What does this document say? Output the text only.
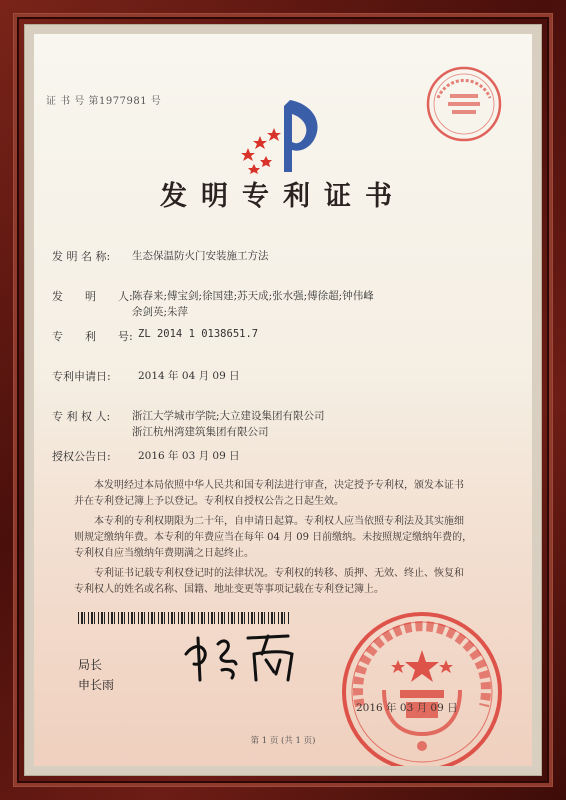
证 书 号 第1977981 号
发明专利证书
发 明 名 称: 生态保温防火门安装施工方法
发　　明　　人: 陈春来;傅宝剑;徐国建;苏天成;张水强;傅徐超;钟伟峰
余剑英;朱萍
专　　利　　号: ZL 2014 1 0138651.7
专利申请日:	2014 年 04 月 09 日
专 利 权 人: 浙江大学城市学院;大立建设集团有限公司
浙江杭州湾建筑集团有限公司
授权公告日:	2016 年 03 月 09 日
本发明经过本局依照中华人民共和国专利法进行审查，决定授予专利权，颁发本证书
并在专利登记簿上予以登记。专利权自授权公告之日起生效。
本专利的专利权期限为二十年，自申请日起算。专利权人应当依照专利法及其实施细
则规定缴纳年费。本专利的年费应当在每年 04 月 09 日前缴纳。未按照规定缴纳年费的，
专利权自应当缴纳年费期满之日起终止。
专利证书记载专利权登记时的法律状况。专利权的转移、质押、无效、终止、恢复和
专利权人的姓名或名称、国籍、地址变更等事项记载在专利登记簿上。
局长
申长雨
2016 年 03 月 09 日
第 1 页 (共 1 页)
